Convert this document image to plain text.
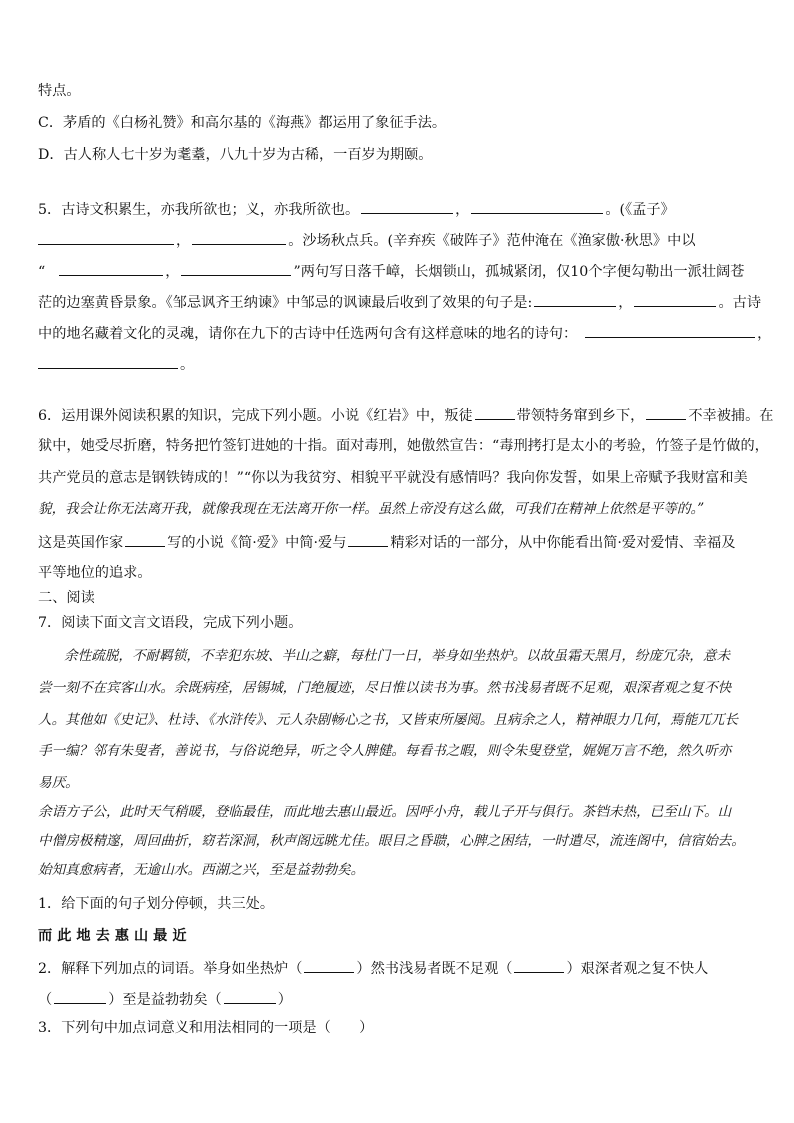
特点。
C．茅盾的《白杨礼赞》和高尔基的《海燕》都运用了象征手法。
D．古人称人七十岁为耄耋，八九十岁为古稀，一百岁为期颐。
5．古诗文积累生，亦我所欲也；义，亦我所欲也。	，	。(《孟子》
，	。沙场秋点兵。(辛弃疾《破阵子》范仲淹在《渔家傲·秋思》中以
“	，	”两句写日落千嶂，长烟锁山，孤城紧闭，仅10个字便勾勒出一派壮阔苍
茫的边塞黄昏景象。《邹忌讽齐王纳谏》中邹忌的讽谏最后收到了效果的句子是:	，	。古诗
中的地名藏着文化的灵魂，请你在九下的古诗中任选两句含有这样意味的地名的诗句：	，
。
6．运用课外阅读积累的知识，完成下列小题。小说《红岩》中，叛徒	带领特务窜到乡下，	不幸被捕。在
狱中，她受尽折磨，特务把竹签钉进她的十指。面对毒刑，她傲然宣告：“毒刑拷打是太小的考验，竹签子是竹做的，
共产党员的意志是钢铁铸成的！”“你以为我贫穷、相貌平平就没有感情吗？我向你发誓，如果上帝赋予我财富和美
貌，我会让你无法离开我，就像我现在无法离开你一样。虽然上帝没有这么做，可我们在精神上依然是平等的。”
这是英国作家	写的小说《简·爱》中简·爱与	精彩对话的一部分，从中你能看出简·爱对爱情、幸福及
平等地位的追求。
二、阅读
7．阅读下面文言文语段，完成下列小题。
余性疏脱，不耐羁锁，不幸犯东坡、半山之癖，每杜门一日，举身如坐热炉。以故虽霜天黑月，纷庞冗杂，意未
尝一刻不在宾客山水。余既病痊，居锡城，门绝履迹，尽日惟以读书为事。然书浅易者既不足观，艰深者观之复不快
人。其他如《史记》、杜诗、《水浒传》、元人杂剧畅心之书，又皆束所屡阅。且病余之人，精神眼力几何，焉能兀兀长
手一编？邻有朱叟者，善说书，与俗说绝异，听之令人脾健。每看书之暇，则令朱叟登堂，娓娓万言不绝，然久听亦
易厌。
余语方子公，此时天气稍暖，登临最佳，而此地去惠山最近。因呼小舟，载儿子开与俱行。茶铛未热，已至山下。山
中僧房极精邃，周回曲折，窈若深洞，秋声阁远眺尤佳。眼目之昏聩，心脾之困结，一时遣尽，流连阁中，信宿始去。
始知真愈病者，无逾山水。西湖之兴，至是益勃勃矣。
1．给下面的句子划分停顿，共三处。
而此地去惠山最近
2．解释下列加点的词语。举身如坐热炉（	）然书浅易者既不足观（	）艰深者观之复不快人
（	）至是益勃勃矣（	）
3．下列句中加点词意义和用法相同的一项是（　　）
